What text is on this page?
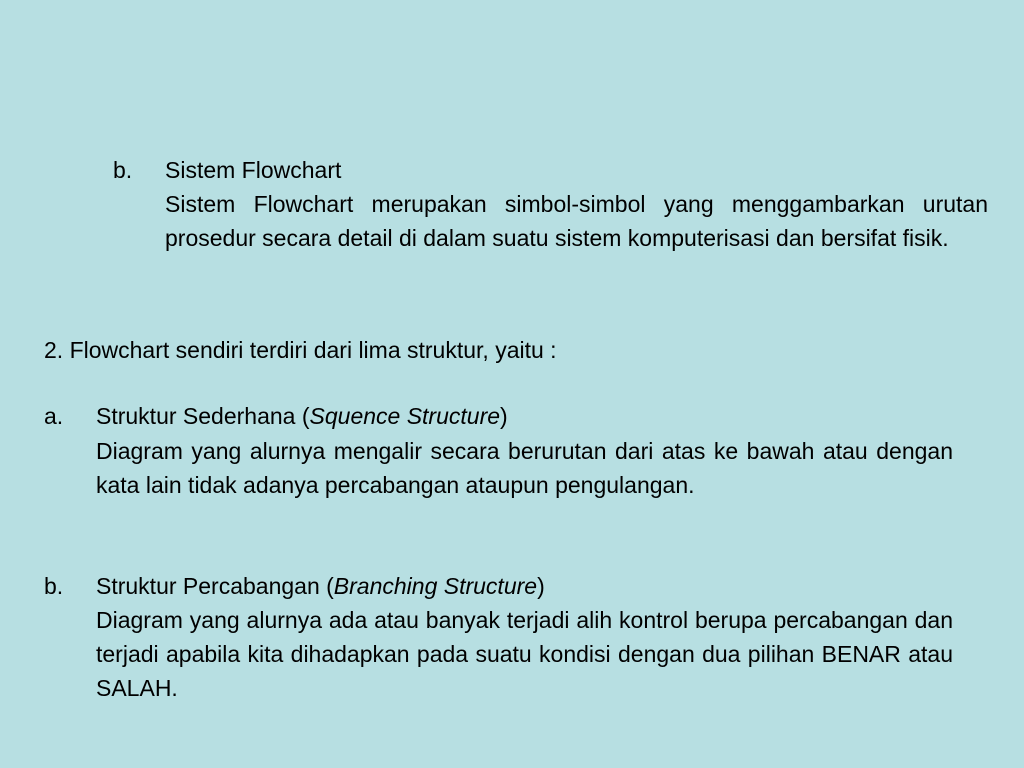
b. Sistem Flowchart
Sistem Flowchart merupakan simbol-simbol yang menggambarkan urutan prosedur secara detail di dalam suatu sistem komputerisasi dan bersifat fisik.
2. Flowchart sendiri terdiri dari lima struktur, yaitu :
a. Struktur Sederhana (Squence Structure)
Diagram yang alurnya mengalir secara berurutan dari atas ke bawah atau dengan kata lain tidak adanya percabangan ataupun pengulangan.
b. Struktur Percabangan (Branching Structure)
Diagram yang alurnya ada atau banyak terjadi alih kontrol berupa percabangan dan terjadi apabila kita dihadapkan pada suatu kondisi dengan dua pilihan BENAR atau SALAH.
